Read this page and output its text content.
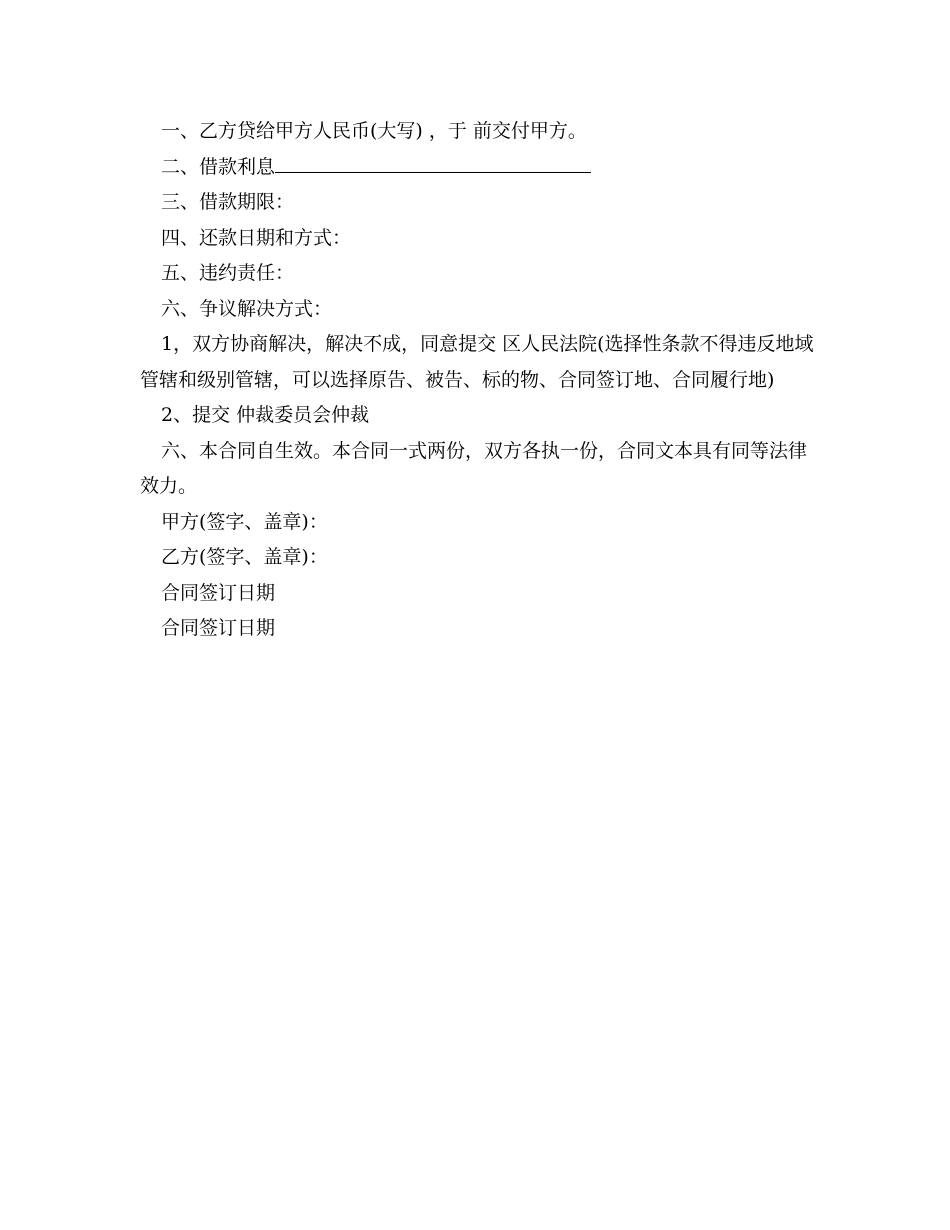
一、乙方贷给甲方人民币(大写) ，于 前交付甲方。

二、借款利息

三、借款期限：

四、还款日期和方式：

五、违约责任：

六、争议解决方式：

1，双方协商解决，解决不成，同意提交 区人民法院(选择性条款不得违反地域管辖和级别管辖，可以选择原告、被告、标的物、合同签订地、合同履行地)

2、提交 仲裁委员会仲裁

六、本合同自生效。本合同一式两份，双方各执一份，合同文本具有同等法律效力。

甲方(签字、盖章)：

乙方(签字、盖章)：

合同签订日期

合同签订日期
